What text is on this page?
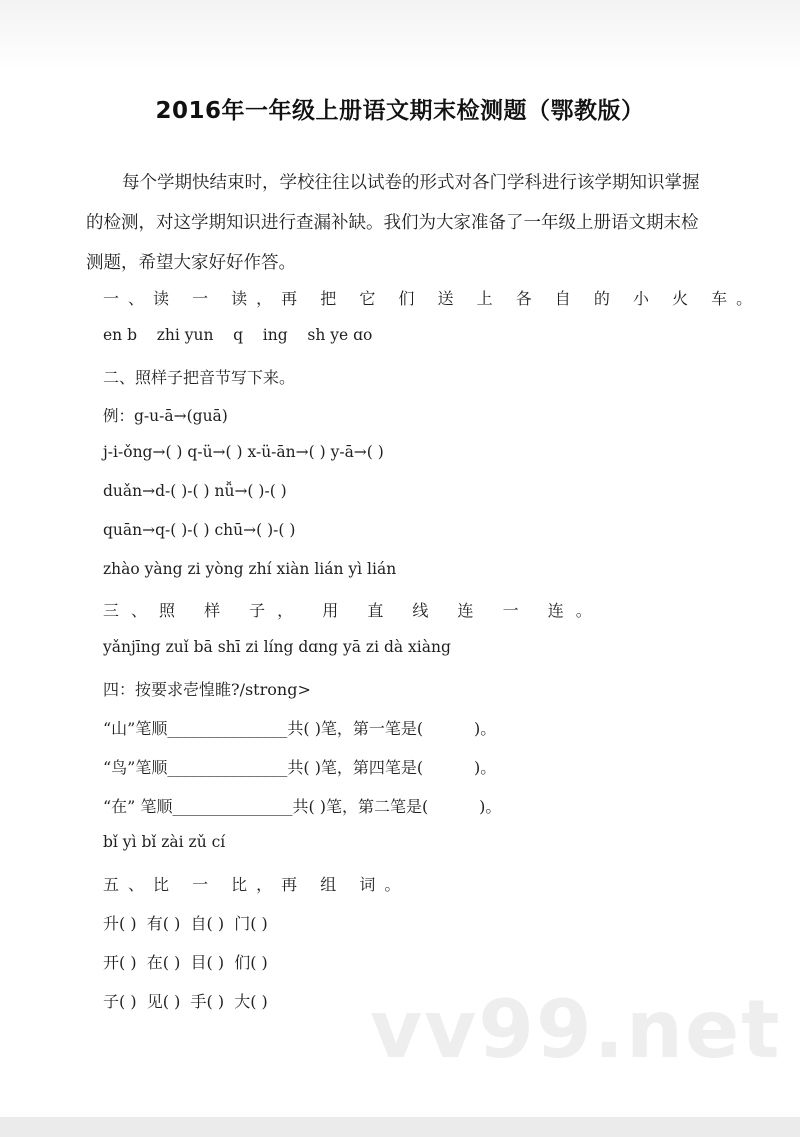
2016年一年级上册语文期末检测题（鄂教版）

每个学期快结束时，学校往往以试卷的形式对各门学科进行该学期知识掌握的检测，对这学期知识进行查漏补缺。我们为大家准备了一年级上册语文期末检测题，希望大家好好作答。

一、读 一 读，再 把 它 们 送 上 各 自 的 小 火 车。

en b    zhi yun    q    ing    sh ye ɑo

二、照样子把音节写下来。

例：g-u-ā→(guā)

j-i-ǒng→( ) q-ü→( ) x-ü-ān→( ) y-ā→( )

duǎn→d-( )-( ) nǚ→( )-( )

quān→q-( )-( ) chū→( )-( )

zhào yàng zi yòng zhí xiàn lián yì lián

三、照 样 子， 用 直 线 连 一 连。

yǎnjīng zuǐ bā shī zi líng dɑng yā zi dà xiàng

四：按要求壱惶睢?/strong>

“山”笔顺_______________共( )笔，第一笔是(          )。

“鸟”笔顺_______________共( )笔，第四笔是(          )。

“在” 笔顺_______________共( )笔，第二笔是(          )。

bǐ yì bǐ zài zǔ cí

五、比 一 比，再 组 词。

升( )  有( )  自( )  门( )

开( )  在( )  目( )  们( )

子( )  见( )  手( )  大( ) vv99.net
